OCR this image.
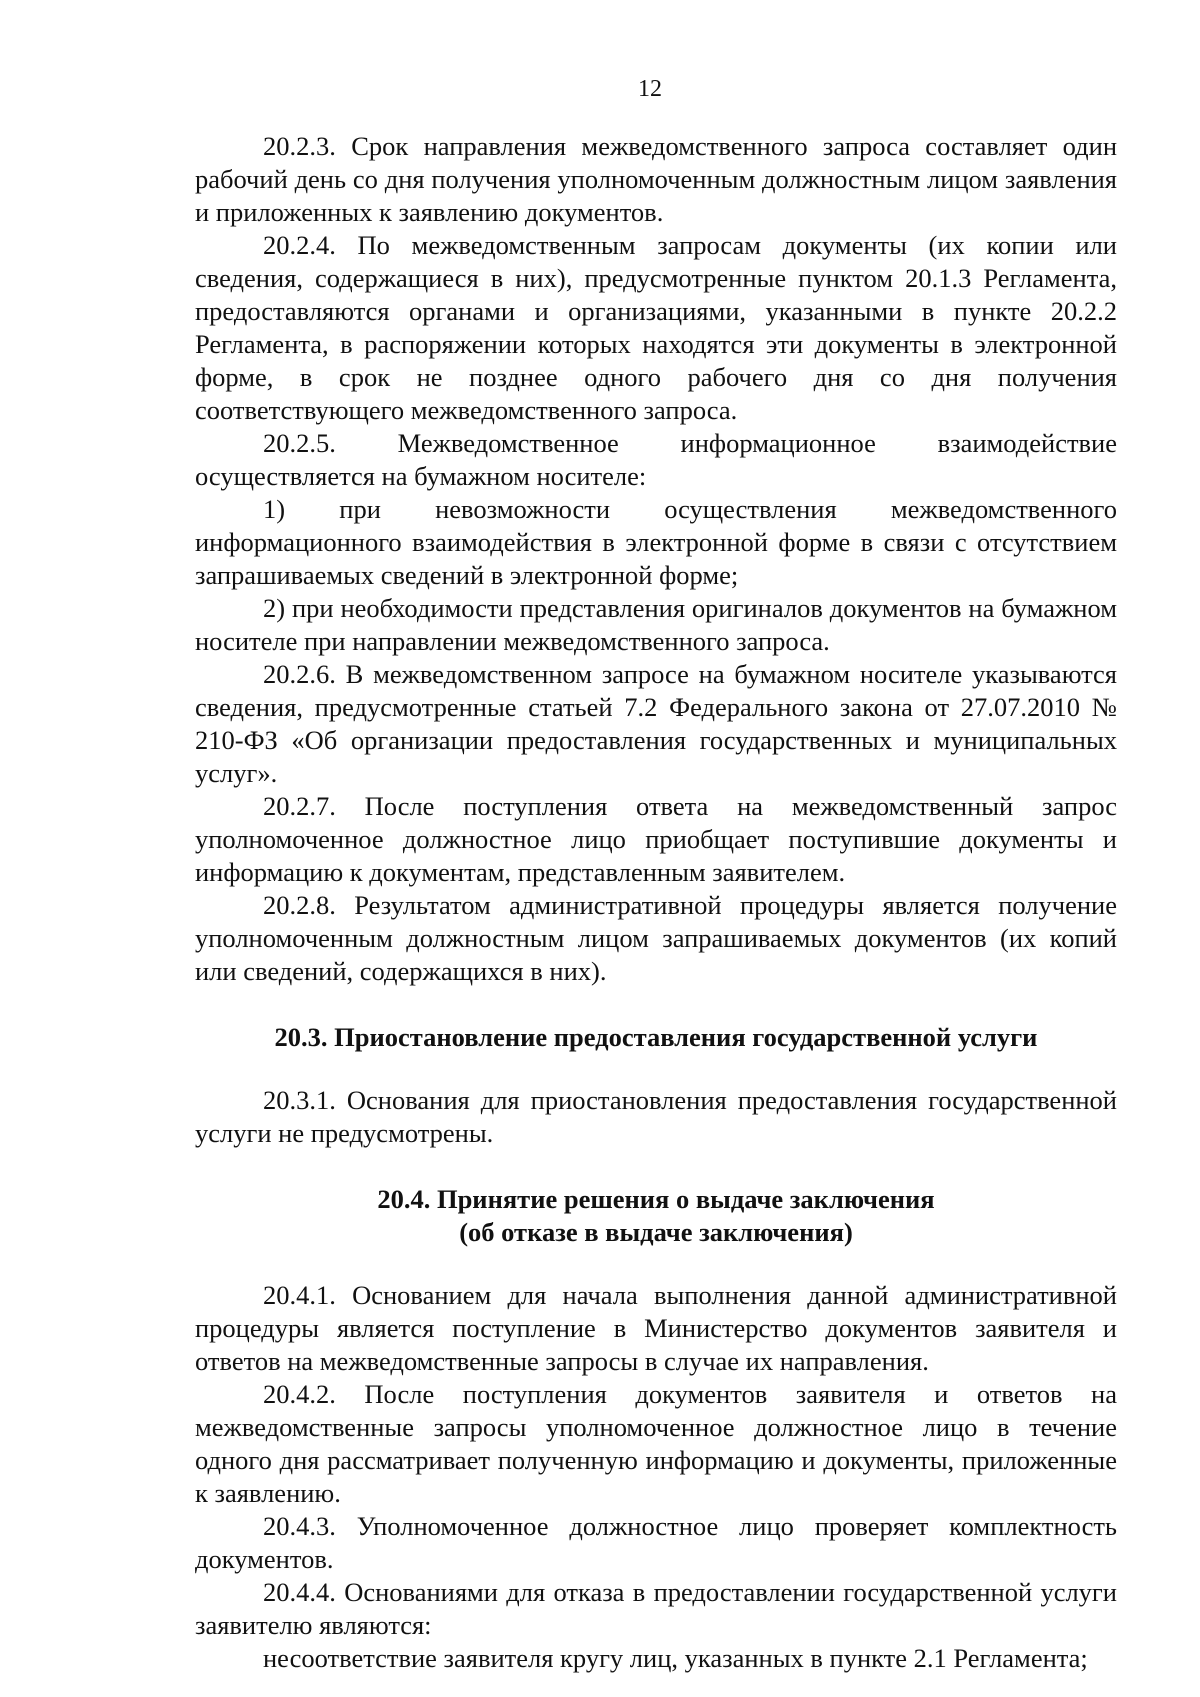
12

20.2.3. Срок направления межведомственного запроса составляет один рабочий день со дня получения уполномоченным должностным лицом заявления и приложенных к заявлению документов.

20.2.4. По межведомственным запросам документы (их копии или сведения, содержащиеся в них), предусмотренные пунктом 20.1.3 Регламента, предоставляются органами и организациями, указанными в пункте 20.2.2 Регламента, в распоряжении которых находятся эти документы в электронной форме, в срок не позднее одного рабочего дня со дня получения соответствующего межведомственного запроса.

20.2.5. Межведомственное информационное взаимодействие осуществляется на бумажном носителе:

1) при невозможности осуществления межведомственного информационного взаимодействия в электронной форме в связи с отсутствием запрашиваемых сведений в электронной форме;

2) при необходимости представления оригиналов документов на бумажном носителе при направлении межведомственного запроса.

20.2.6. В межведомственном запросе на бумажном носителе указываются сведения, предусмотренные статьей 7.2 Федерального закона от 27.07.2010 № 210-ФЗ «Об организации предоставления государственных и муниципальных услуг».

20.2.7. После поступления ответа на межведомственный запрос уполномоченное должностное лицо приобщает поступившие документы и информацию к документам, представленным заявителем.

20.2.8. Результатом административной процедуры является получение уполномоченным должностным лицом запрашиваемых документов (их копий или сведений, содержащихся в них).

20.3. Приостановление предоставления государственной услуги

20.3.1. Основания для приостановления предоставления государственной услуги не предусмотрены.

20.4. Принятие решения о выдаче заключения

(об отказе в выдаче заключения)

20.4.1. Основанием для начала выполнения данной административной процедуры является поступление в Министерство документов заявителя и ответов на межведомственные запросы в случае их направления.

20.4.2. После поступления документов заявителя и ответов на межведомственные запросы уполномоченное должностное лицо в течение одного дня рассматривает полученную информацию и документы, приложенные к заявлению.

20.4.3. Уполномоченное должностное лицо проверяет комплектность документов.

20.4.4. Основаниями для отказа в предоставлении государственной услуги заявителю являются:

несоответствие заявителя кругу лиц, указанных в пункте 2.1 Регламента;
